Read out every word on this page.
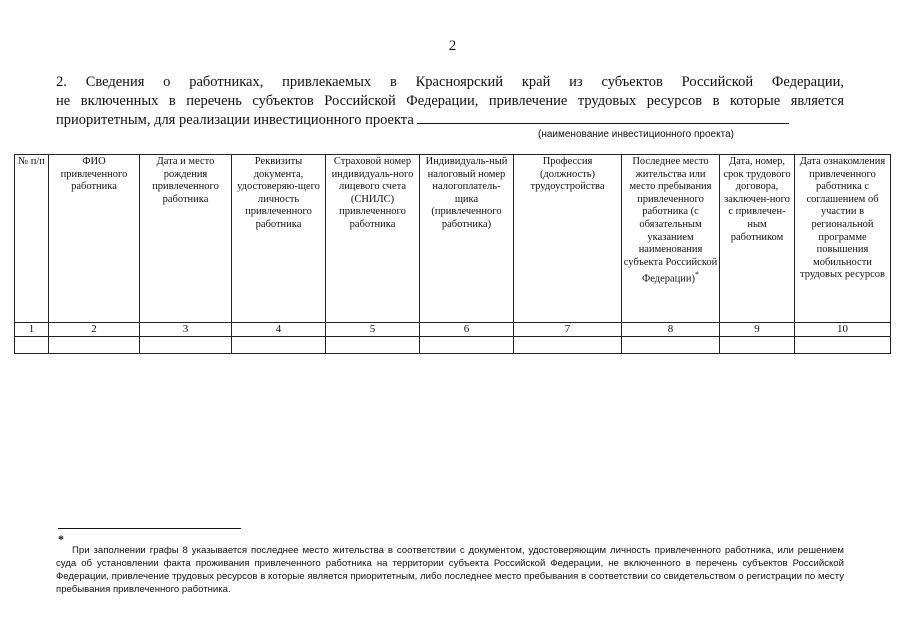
2
2. Сведения о работниках, привлекаемых в Красноярский край из субъектов Российской Федерации,
не включенных в перечень субъектов Российской Федерации, привлечение трудовых ресурсов в которые является
приоритетным, для реализации инвестиционного проекта
(наименование инвестиционного проекта)
№ п/п	ФИО привлеченного работника	Дата и место рождения привлеченного работника	Реквизиты документа, удостоверяю-щего личность привлеченного работника	Страховой номер индивидуаль-ного лицевого счета (СНИЛС) привлеченного работника	Индивидуаль-ный налоговый номер налогоплатель-щика (привлеченного работника)	Профессия (должность) трудоустройства	Последнее место жительства или место пребывания привлеченного работника (с обязательным указанием наименования субъекта Российской Федерации)*	Дата, номер, срок трудового договора, заключен-ного с привлечен-ным работником	Дата ознакомления привлеченного работника с соглашением об участии в региональной программе повышения мобильности трудовых ресурсов
1	2	3	4	5	6	7	8	9	10

*
При заполнении графы 8 указывается последнее место жительства в соответствии с документом, удостоверяющим личность привлеченного работника, или решением суда об установлении факта проживания привлеченного работника на территории субъекта Российской Федерации, не включенного в перечень субъектов Российской Федерации, привлечение трудовых ресурсов в которые является приоритетным, либо последнее место пребывания в соответствии со свидетельством о регистрации по месту пребывания привлеченного работника.
